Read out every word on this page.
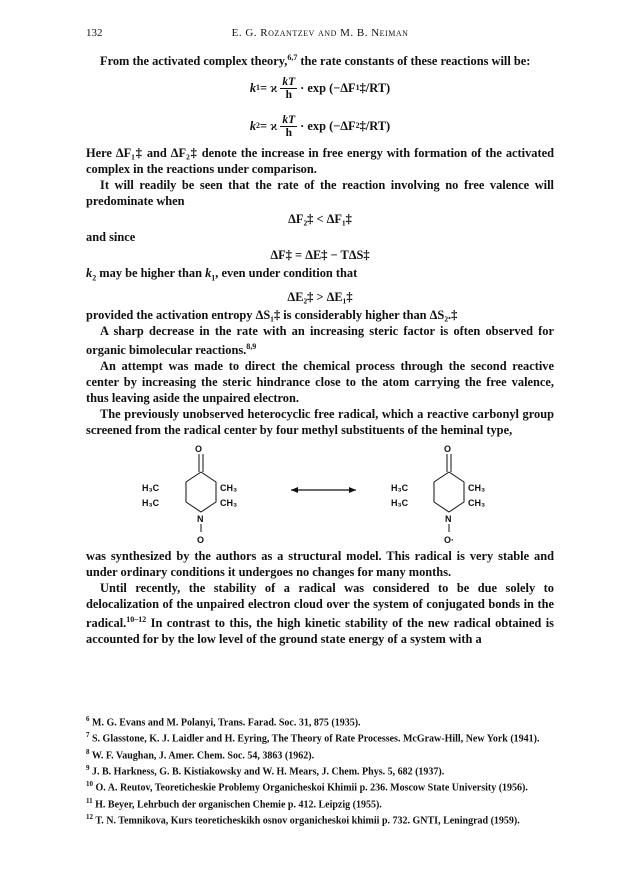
132	E. G. Rozantzev and M. B. Neiman

From the activated complex theory,$^{6,7}$ the rate constants of these reactions will be:

k 1 = ϰ $\frac{kT}{h} \cdot \exp (-\Delta F$ 1 ‡/RT)
k 2 = ϰ $\frac{kT}{h} \cdot \exp (-\Delta F$ 2 ‡/RT)

Here ΔF₁‡ and ΔF₂‡ denote the increase in free energy with formation of the activated complex in the reactions under comparison.

It will readily be seen that the rate of the reaction involving no free valence will predominate when

ΔF₂‡ < ΔF₁‡

and since

ΔF‡ = ΔE‡ − TΔS‡

$k_2$ may be higher than $k_1$, even under condition that

ΔE₂‡ > ΔE₁‡

provided the activation entropy ΔS₁‡ is considerably higher than ΔS₂.‡

A sharp decrease in the rate with an increasing steric factor is often observed for organic bimolecular reactions.$^{8,9}$

An attempt was made to direct the chemical process through the second reactive center by increasing the steric hindrance close to the atom carrying the free valence, thus leaving aside the unpaired electron.

The previously unobserved heterocyclic free radical, which a reactive carbonyl group screened from the radical center by four methyl substituents of the heminal type,

O
H₃C
H₃C
CH₃
CH₃
N
O
O
H₃C
H₃C
CH₃
CH₃
N
O·

was synthesized by the authors as a structural model. This radical is very stable and under ordinary conditions it undergoes no changes for many months.

Until recently, the stability of a radical was considered to be due solely to delocalization of the unpaired electron cloud over the system of conjugated bonds in the radical.$^{10-12}$ In contrast to this, the high kinetic stability of the new radical obtained is accounted for by the low level of the ground state energy of a system with a

$^6$ M. G. Evans and M. Polanyi, Trans. Farad. Soc. 31, 875 (1935).

$^7$ S. Glasstone, K. J. Laidler and H. Eyring, The Theory of Rate Processes. McGraw-Hill, New York (1941).

$^8$ W. F. Vaughan, J. Amer. Chem. Soc. 54, 3863 (1962).

$^9$ J. B. Harkness, G. B. Kistiakowsky and W. H. Mears, J. Chem. Phys. 5, 682 (1937).

$^{10}$ O. A. Reutov, Teoreticheskie Problemy Organicheskoi Khimii p. 236. Moscow State University (1956).

$^{11}$ H. Beyer, Lehrbuch der organischen Chemie p. 412. Leipzig (1955).

$^{12}$ T. N. Temnikova, Kurs teoreticheskikh osnov organicheskoi khimii p. 732. GNTI, Leningrad (1959).
